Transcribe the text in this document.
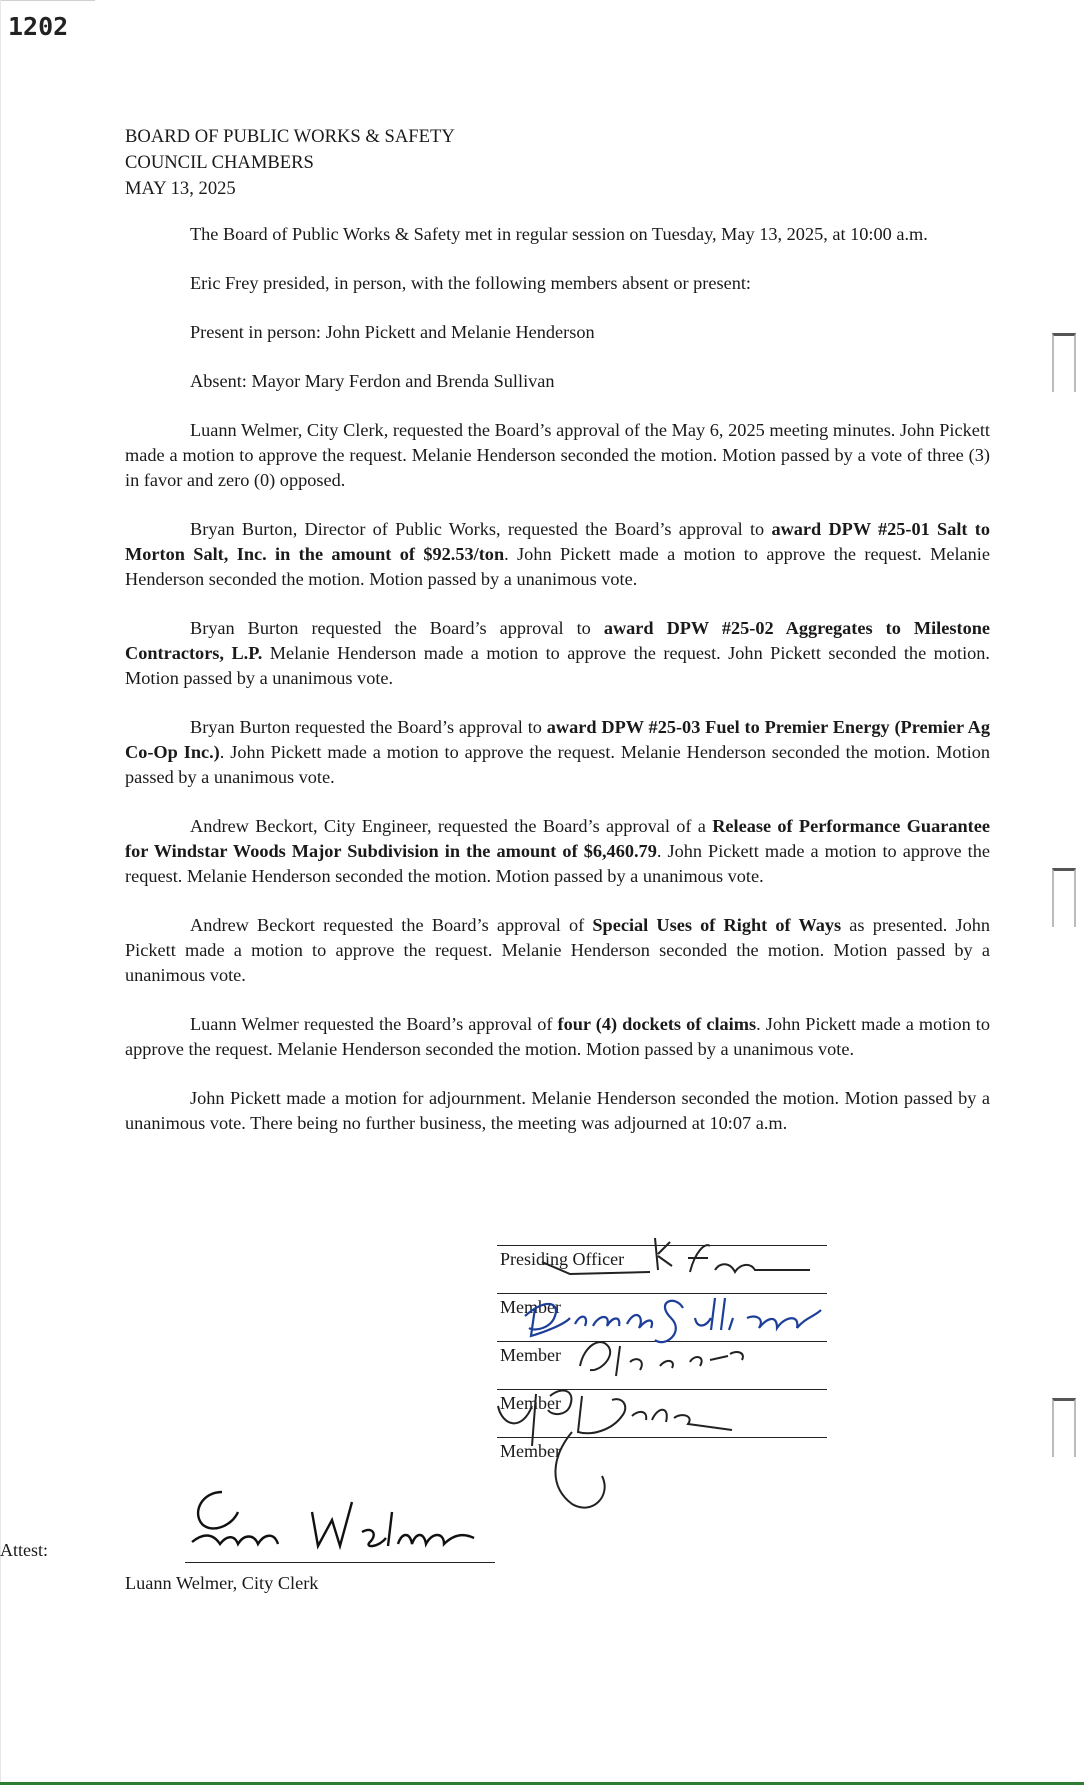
1202
BOARD OF PUBLIC WORKS & SAFETY
COUNCIL CHAMBERS
MAY 13, 2025

The Board of Public Works & Safety met in regular session on Tuesday, May 13, 2025, at 10:00 a.m.

Eric Frey presided, in person, with the following members absent or present:

Present in person: John Pickett and Melanie Henderson

Absent: Mayor Mary Ferdon and Brenda Sullivan

Luann Welmer, City Clerk, requested the Board’s approval of the May 6, 2025 meeting minutes. John Pickett made a motion to approve the request. Melanie Henderson seconded the motion. Motion passed by a vote of three (3) in favor and zero (0) opposed.

Bryan Burton, Director of Public Works, requested the Board’s approval to award DPW #25-01 Salt to Morton Salt, Inc. in the amount of $92.53/ton. John Pickett made a motion to approve the request. Melanie Henderson seconded the motion. Motion passed by a unanimous vote.

Bryan Burton requested the Board’s approval to award DPW #25-02 Aggregates to Milestone Contractors, L.P. Melanie Henderson made a motion to approve the request. John Pickett seconded the motion. Motion passed by a unanimous vote.

Bryan Burton requested the Board’s approval to award DPW #25-03 Fuel to Premier Energy (Premier Ag Co-Op Inc.). John Pickett made a motion to approve the request. Melanie Henderson seconded the motion. Motion passed by a unanimous vote.

Andrew Beckort, City Engineer, requested the Board’s approval of a Release of Performance Guarantee for Windstar Woods Major Subdivision in the amount of $6,460.79. John Pickett made a motion to approve the request. Melanie Henderson seconded the motion. Motion passed by a unanimous vote.

Andrew Beckort requested the Board’s approval of Special Uses of Right of Ways as presented. John Pickett made a motion to approve the request. Melanie Henderson seconded the motion. Motion passed by a unanimous vote.

Luann Welmer requested the Board’s approval of four (4) dockets of claims. John Pickett made a motion to approve the request. Melanie Henderson seconded the motion. Motion passed by a unanimous vote.

John Pickett made a motion for adjournment. Melanie Henderson seconded the motion. Motion passed by a unanimous vote. There being no further business, the meeting was adjourned at 10:07 a.m.

Presiding Officer
Member
Member
Member
Member
Attest:
Luann Welmer, City Clerk
